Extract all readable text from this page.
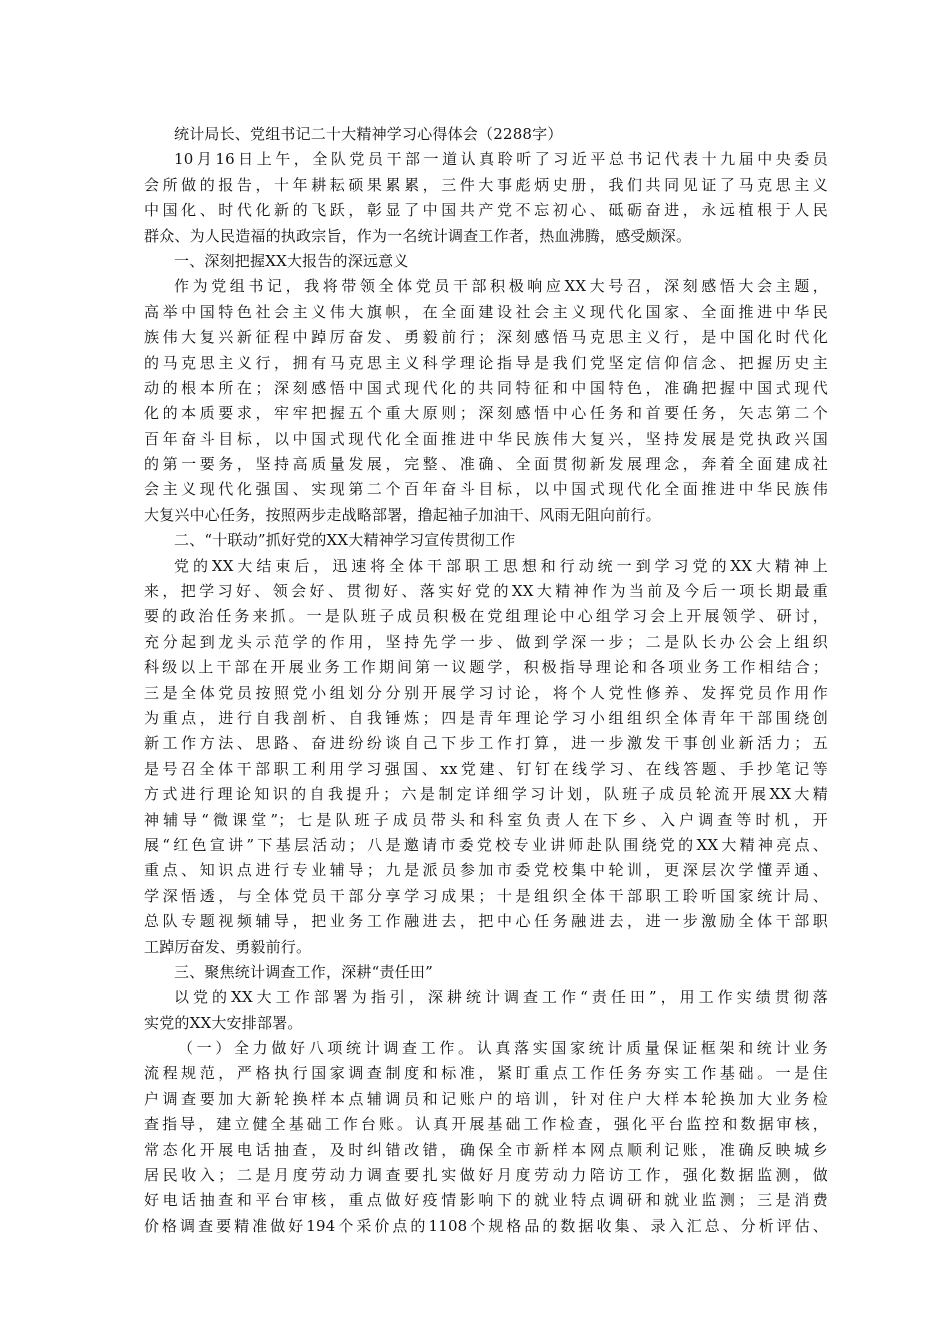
统计局长、党组书记二十大精神学习心得体会（2288字）
10月16日上午，全队党员干部一道认真聆听了习近平总书记代表十九届中央委员
会所做的报告，十年耕耘硕果累累，三件大事彪炳史册，我们共同见证了马克思主义
中国化、时代化新的飞跃，彰显了中国共产党不忘初心、砥砺奋进，永远植根于人民
群众、为人民造福的执政宗旨，作为一名统计调查工作者，热血沸腾，感受颇深。
一、深刻把握XX大报告的深远意义
作为党组书记，我将带领全体党员干部积极响应XX大号召，深刻感悟大会主题，
高举中国特色社会主义伟大旗帜，在全面建设社会主义现代化国家、全面推进中华民
族伟大复兴新征程中踔厉奋发、勇毅前行；深刻感悟马克思主义行，是中国化时代化
的马克思主义行，拥有马克思主义科学理论指导是我们党坚定信仰信念、把握历史主
动的根本所在；深刻感悟中国式现代化的共同特征和中国特色，准确把握中国式现代
化的本质要求，牢牢把握五个重大原则；深刻感悟中心任务和首要任务，矢志第二个
百年奋斗目标，以中国式现代化全面推进中华民族伟大复兴，坚持发展是党执政兴国
的第一要务，坚持高质量发展，完整、准确、全面贯彻新发展理念，奔着全面建成社
会主义现代化强国、实现第二个百年奋斗目标，以中国式现代化全面推进中华民族伟
大复兴中心任务，按照两步走战略部署，撸起袖子加油干、风雨无阻向前行。
二、“十联动”抓好党的XX大精神学习宣传贯彻工作
党的XX大结束后，迅速将全体干部职工思想和行动统一到学习党的XX大精神上
来，把学习好、领会好、贯彻好、落实好党的XX大精神作为当前及今后一项长期最重
要的政治任务来抓。一是队班子成员积极在党组理论中心组学习会上开展领学、研讨，
充分起到龙头示范学的作用，坚持先学一步、做到学深一步；二是队长办公会上组织
科级以上干部在开展业务工作期间第一议题学，积极指导理论和各项业务工作相结合；
三是全体党员按照党小组划分分别开展学习讨论，将个人党性修养、发挥党员作用作
为重点，进行自我剖析、自我锤炼；四是青年理论学习小组组织全体青年干部围绕创
新工作方法、思路、奋进纷纷谈自己下步工作打算，进一步激发干事创业新活力；五
是号召全体干部职工利用学习强国、xx党建、钉钉在线学习、在线答题、手抄笔记等
方式进行理论知识的自我提升；六是制定详细学习计划，队班子成员轮流开展XX大精
神辅导“微课堂”；七是队班子成员带头和科室负责人在下乡、入户调查等时机，开
展“红色宣讲”下基层活动；八是邀请市委党校专业讲师赴队围绕党的XX大精神亮点、
重点、知识点进行专业辅导；九是派员参加市委党校集中轮训，更深层次学懂弄通、
学深悟透，与全体党员干部分享学习成果；十是组织全体干部职工聆听国家统计局、
总队专题视频辅导，把业务工作融进去，把中心任务融进去，进一步激励全体干部职
工踔厉奋发、勇毅前行。
三、聚焦统计调查工作，深耕“责任田”
以党的XX大工作部署为指引，深耕统计调查工作“责任田”，用工作实绩贯彻落
实党的XX大安排部署。
（一）全力做好八项统计调查工作。认真落实国家统计质量保证框架和统计业务
流程规范，严格执行国家调查制度和标准，紧盯重点工作任务夯实工作基础。一是住
户调查要加大新轮换样本点辅调员和记账户的培训，针对住户大样本轮换加大业务检
查指导，建立健全基础工作台账。认真开展基础工作检查，强化平台监控和数据审核，
常态化开展电话抽查，及时纠错改错，确保全市新样本网点顺利记账，准确反映城乡
居民收入；二是月度劳动力调查要扎实做好月度劳动力陪访工作，强化数据监测，做
好电话抽查和平台审核，重点做好疫情影响下的就业特点调研和就业监测；三是消费
价格调查要精准做好194个采价点的1108个规格品的数据收集、录入汇总、分析评估、
